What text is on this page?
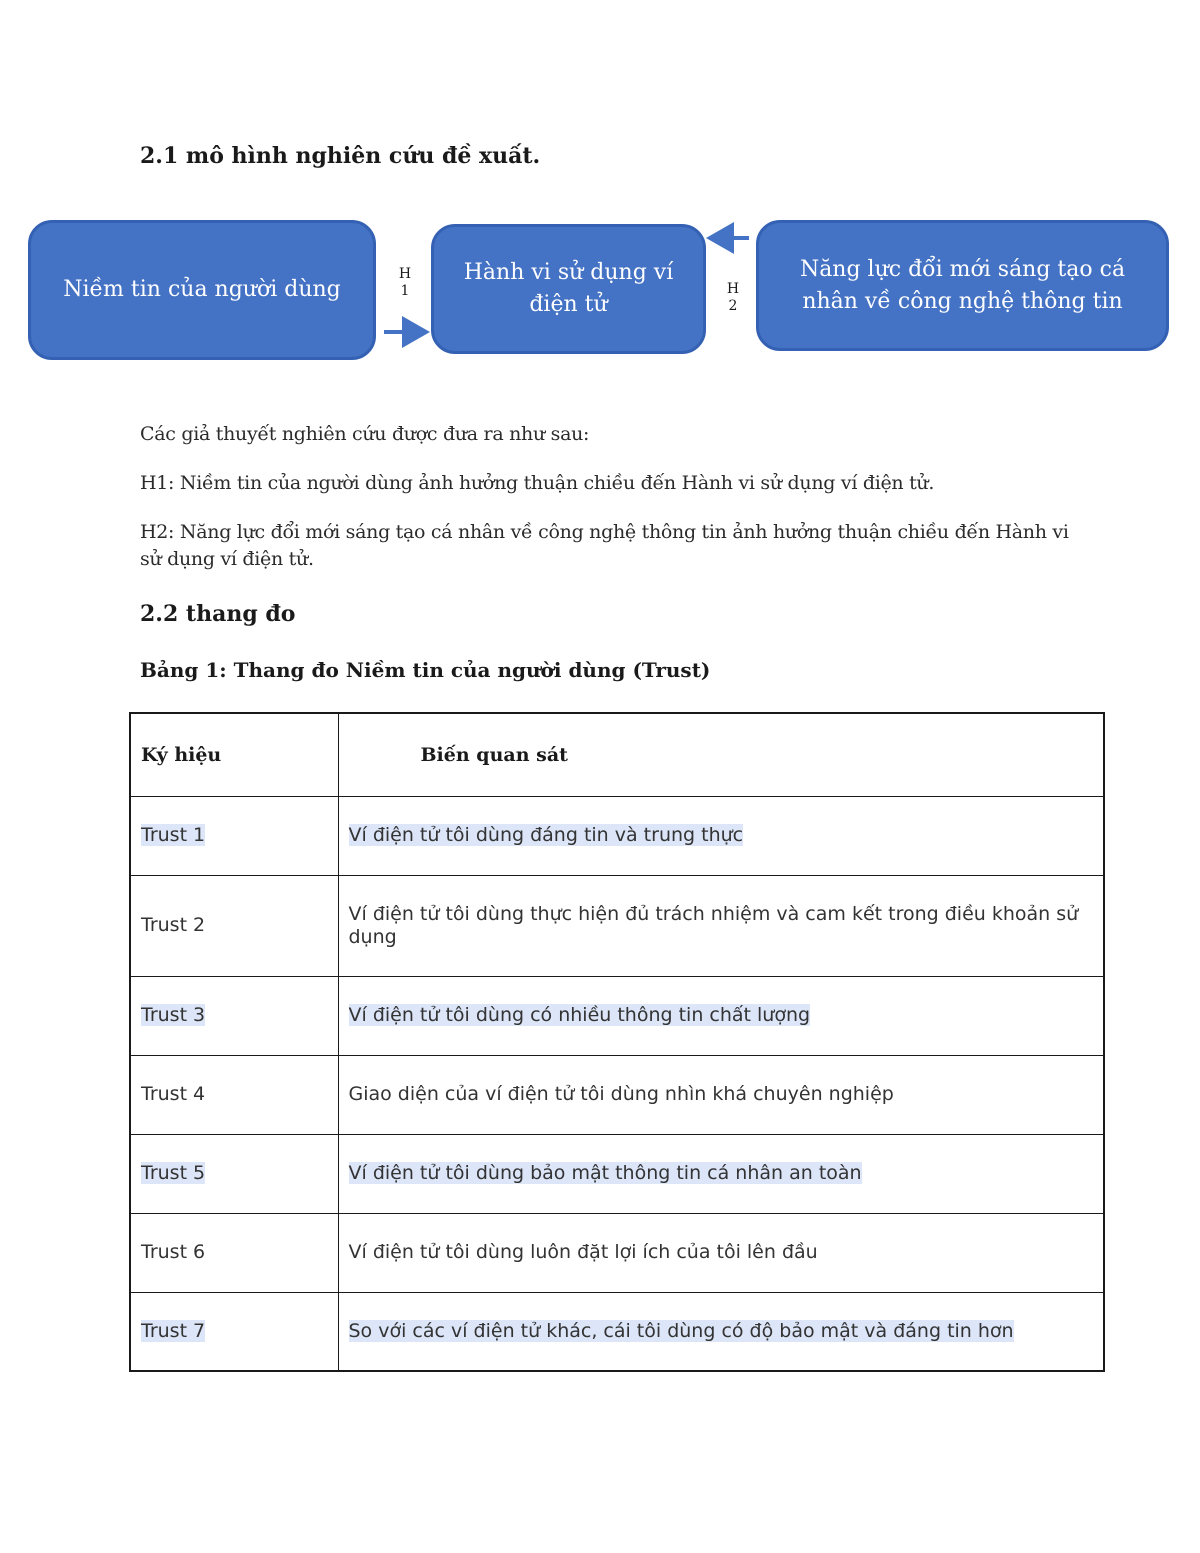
2.1 mô hình nghiên cứu đề xuất.
Niềm tin của người dùng
Hành vi sử dụng ví điện tử
Năng lực đổi mới sáng tạo cá nhân về công nghệ thông tin
H
1	H
2

Các giả thuyết nghiên cứu được đưa ra như sau:

H1: Niềm tin của người dùng ảnh hưởng thuận chiều đến Hành vi sử dụng ví điện tử.

H2: Năng lực đổi mới sáng tạo cá nhân về công nghệ thông tin ảnh hưởng thuận chiều đến Hành vi sử dụng ví điện tử.

2.2 thang đo
Bảng 1: Thang đo Niềm tin của người dùng (Trust)
Ký hiệu	Biến quan sát
Trust 1	Ví điện tử tôi dùng đáng tin và trung thực
Trust 2	Ví điện tử tôi dùng thực hiện đủ trách nhiệm và cam kết trong điều khoản sử dụng
Trust 3	Ví điện tử tôi dùng có nhiều thông tin chất lượng
Trust 4	Giao diện của ví điện tử tôi dùng nhìn khá chuyên nghiệp
Trust 5	Ví điện tử tôi dùng bảo mật thông tin cá nhân an toàn
Trust 6	Ví điện tử tôi dùng luôn đặt lợi ích của tôi lên đầu
Trust 7	So với các ví điện tử khác, cái tôi dùng có độ bảo mật và đáng tin hơn
